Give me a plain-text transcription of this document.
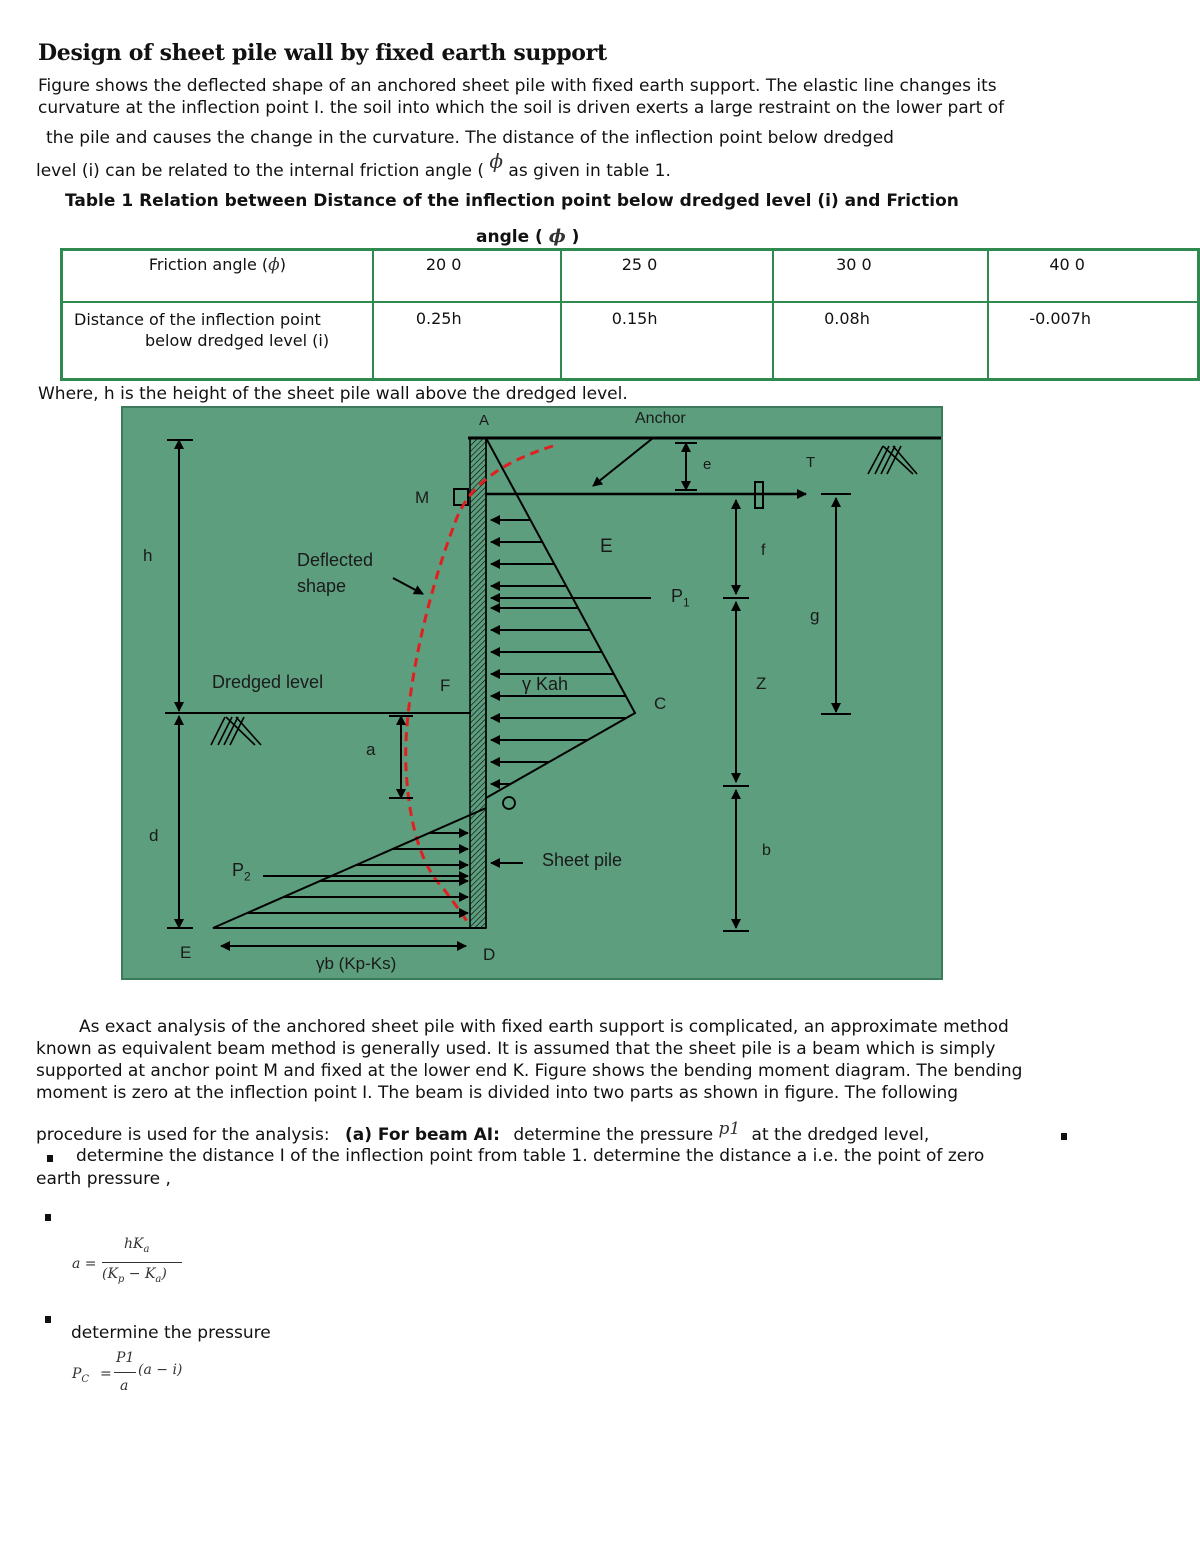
Design of sheet pile wall by fixed earth support
Figure shows the deflected shape of an anchored sheet pile with fixed earth support. The elastic line changes its
curvature at the inflection point I. the soil into which the soil is driven exerts a large restraint on the lower part of
the pile and causes the change in the curvature. The distance of the inflection point below dredged
level (i) can be related to the internal friction angle ( ϕ as given in table 1.
Table 1 Relation between Distance of the inflection point below dredged level (i) and Friction
angle ( ϕ )
Friction angle (ϕ)	20 0	25 0	30 0	40 0

Distance of the inflection point
below dredged level (i)	0.25h	0.15h	0.08h	-0.007h
Where, h is the height of the sheet pile wall above the dredged level.
A	Anchor
e	T
M
h	Deflected
shape
E	f
$P_1$
g
Dredged level	F	γ Kah
C
Z
a
d
Sheet pile	b
$P_2$
E	D
γb (Kp-Ks)
As exact analysis of the anchored sheet pile with fixed earth support is complicated, an approximate method
known as equivalent beam method is generally used. It is assumed that the sheet pile is a beam which is simply
supported at anchor point M and fixed at the lower end K. Figure shows the bending moment diagram. The bending
moment is zero at the inflection point I. The beam is divided into two parts as shown in figure. The following
procedure is used for the analysis: (a) For beam AI: determine the pressure p1 at the dredged level,
determine the distance I of the inflection point from table 1. determine the distance a i.e. the point of zero
earth pressure ,
a =
$hK_a$
$(K_p - K_a)$
determine the pressure
$P_C$ =
P1
(a − i)
a
